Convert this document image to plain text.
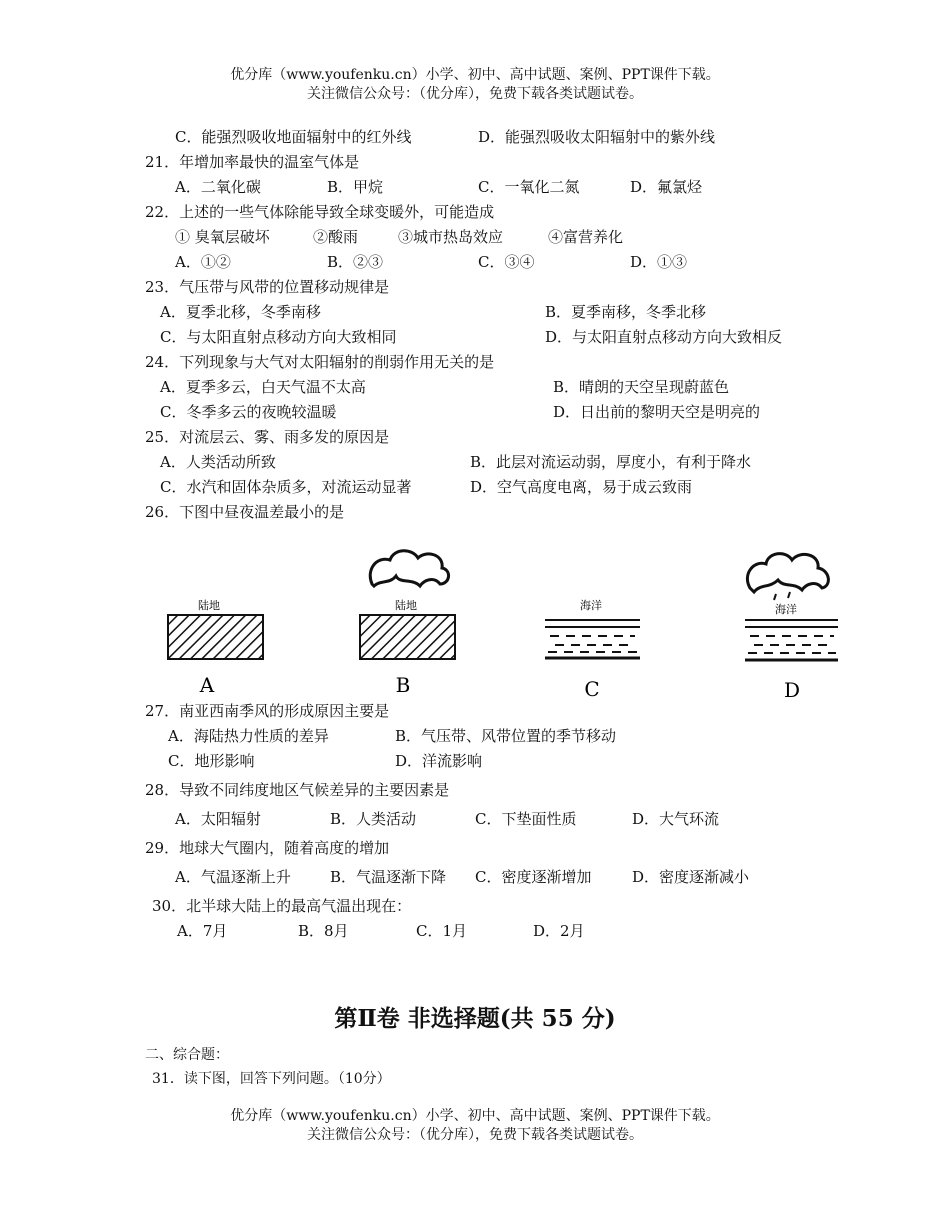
优分库（www.youfenku.cn）小学、初中、高中试题、案例、PPT课件下载。
关注微信公众号：（优分库），免费下载各类试题试卷。
C．能强烈吸收地面辐射中的红外线	D．能强烈吸收太阳辐射中的紫外线
21．年增加率最快的温室气体是
A．二氧化碳	B．甲烷	C．一氧化二氮	D．氟氯烃
22．上述的一些气体除能导致全球变暖外，可能造成
① 臭氧层破坏	②酸雨	③城市热岛效应	④富营养化
A．①②	B．②③	C．③④	D．①③
23．气压带与风带的位置移动规律是
A．夏季北移，冬季南移	B．夏季南移，冬季北移
C．与太阳直射点移动方向大致相同	D．与太阳直射点移动方向大致相反
24．下列现象与大气对太阳辐射的削弱作用无关的是
A．夏季多云，白天气温不太高	B．晴朗的天空呈现蔚蓝色
C．冬季多云的夜晚较温暖	D．日出前的黎明天空是明亮的
25．对流层云、雾、雨多发的原因是
A．人类活动所致	B．此层对流运动弱，厚度小，有利于降水
C．水汽和固体杂质多，对流运动显著	D．空气高度电离，易于成云致雨
26．下图中昼夜温差最小的是
陆地
A
陆地
B
海洋
C
海洋
D
27．南亚西南季风的形成原因主要是
A．海陆热力性质的差异	B．气压带、风带位置的季节移动
C．地形影响	D．洋流影响
28．导致不同纬度地区气候差异的主要因素是
A．太阳辐射	B．人类活动	C．下垫面性质	D．大气环流
29．地球大气圈内，随着高度的增加
A．气温逐渐上升	B．气温逐渐下降 C．密度逐渐增加	D．密度逐渐减小
30．北半球大陆上的最高气温出现在：
A．7月	B．8月	C．1月	D．2月
第Ⅱ卷 非选择题(共 55 分)
二、综合题：
31．读下图，回答下列问题。（10分）
优分库（www.youfenku.cn）小学、初中、高中试题、案例、PPT课件下载。
关注微信公众号：（优分库），免费下载各类试题试卷。
